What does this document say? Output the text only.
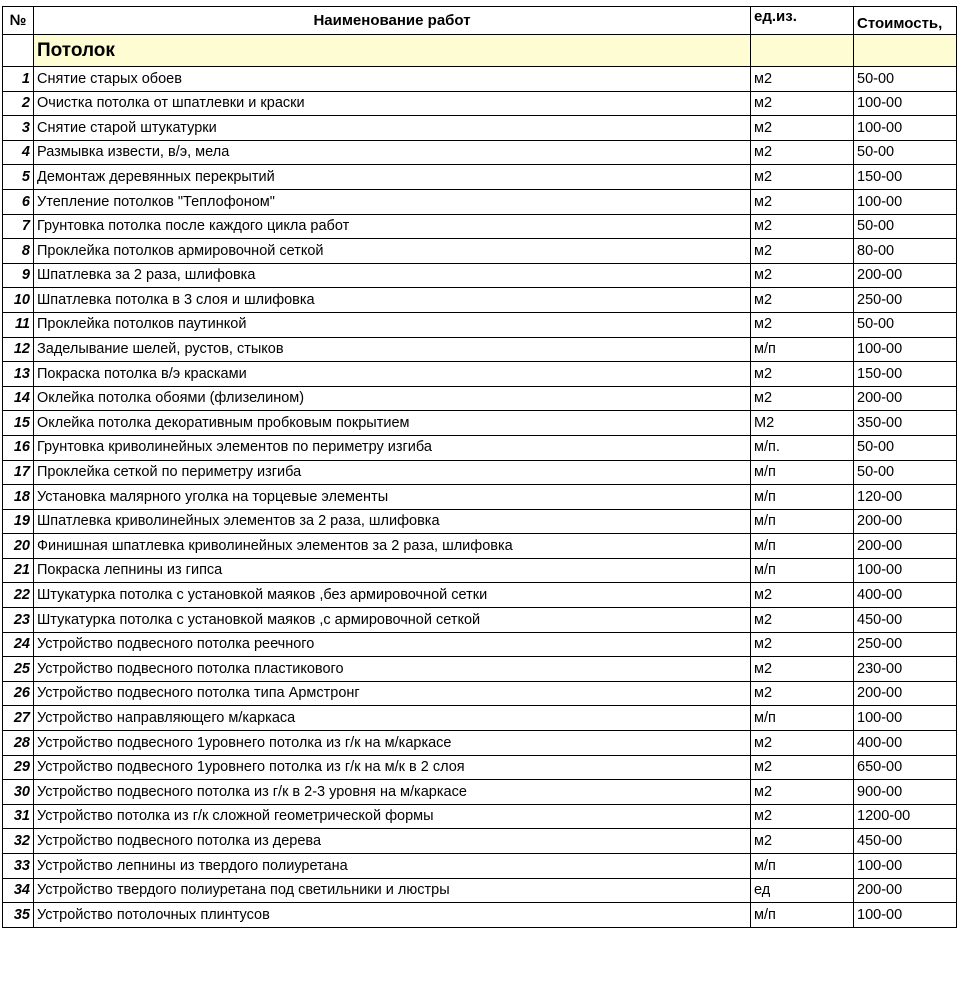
№	Наименование работ	ед.из.	Стоимость,
	Потолок		
1	Снятие старых обоев	м2	50-00
2	Очистка потолка от шпатлевки и краски	м2	100-00
3	Снятие старой штукатурки	м2	100-00
4	Размывка извести, в/э, мела	м2	50-00
5	Демонтаж деревянных перекрытий	м2	150-00
6	Утепление потолков "Теплофоном"	м2	100-00
7	Грунтовка потолка после каждого цикла работ	м2	50-00
8	Проклейка потолков армировочной сеткой	м2	80-00
9	Шпатлевка за 2 раза, шлифовка	м2	200-00
10	Шпатлевка потолка в 3 слоя и шлифовка	м2	250-00
11	Проклейка потолков паутинкой	м2	50-00
12	Заделывание шелей, рустов, стыков	м/п	100-00
13	Покраска потолка в/э красками	м2	150-00
14	Оклейка потолка обоями (флизелином)	м2	200-00
15	Оклейка потолка декоративным пробковым покрытием	М2	350-00
16	Грунтовка криволинейных элементов по периметру изгиба	м/п.	50-00
17	Проклейка сеткой по периметру изгиба	м/п	50-00
18	Установка малярного уголка на торцевые элементы	м/п	120-00
19	Шпатлевка криволинейных элементов за 2 раза, шлифовка	м/п	200-00
20	Финишная шпатлевка криволинейных элементов за 2 раза, шлифовка	м/п	200-00
21	Покраска лепнины из гипса	м/п	100-00
22	Штукатурка потолка с установкой маяков ,без армировочной сетки	м2	400-00
23	Штукатурка потолка с установкой маяков ,с армировочной сеткой	м2	450-00
24	Устройство подвесного потолка реечного	м2	250-00
25	Устройство подвесного потолка пластикового	м2	230-00
26	Устройство подвесного потолка типа Армстронг	м2	200-00
27	Устройство направляющего м/каркаса	м/п	100-00
28	Устройство подвесного 1уровнего потолка из г/к на м/каркасе	м2	400-00
29	Устройство подвесного 1уровнего потолка из г/к на м/к в 2 слоя	м2	650-00
30	Устройство подвесного потолка из г/к в 2-3 уровня на м/каркасе	м2	900-00
31	Устройство потолка из г/к сложной геометрической формы	м2	1200-00
32	Устройство подвесного потолка из дерева	м2	450-00
33	Устройство лепнины из твердого полиуретана	м/п	100-00
34	Устройство твердого полиуретана под светильники и люстры	ед	200-00
35	Устройство потолочных плинтусов	м/п	100-00
